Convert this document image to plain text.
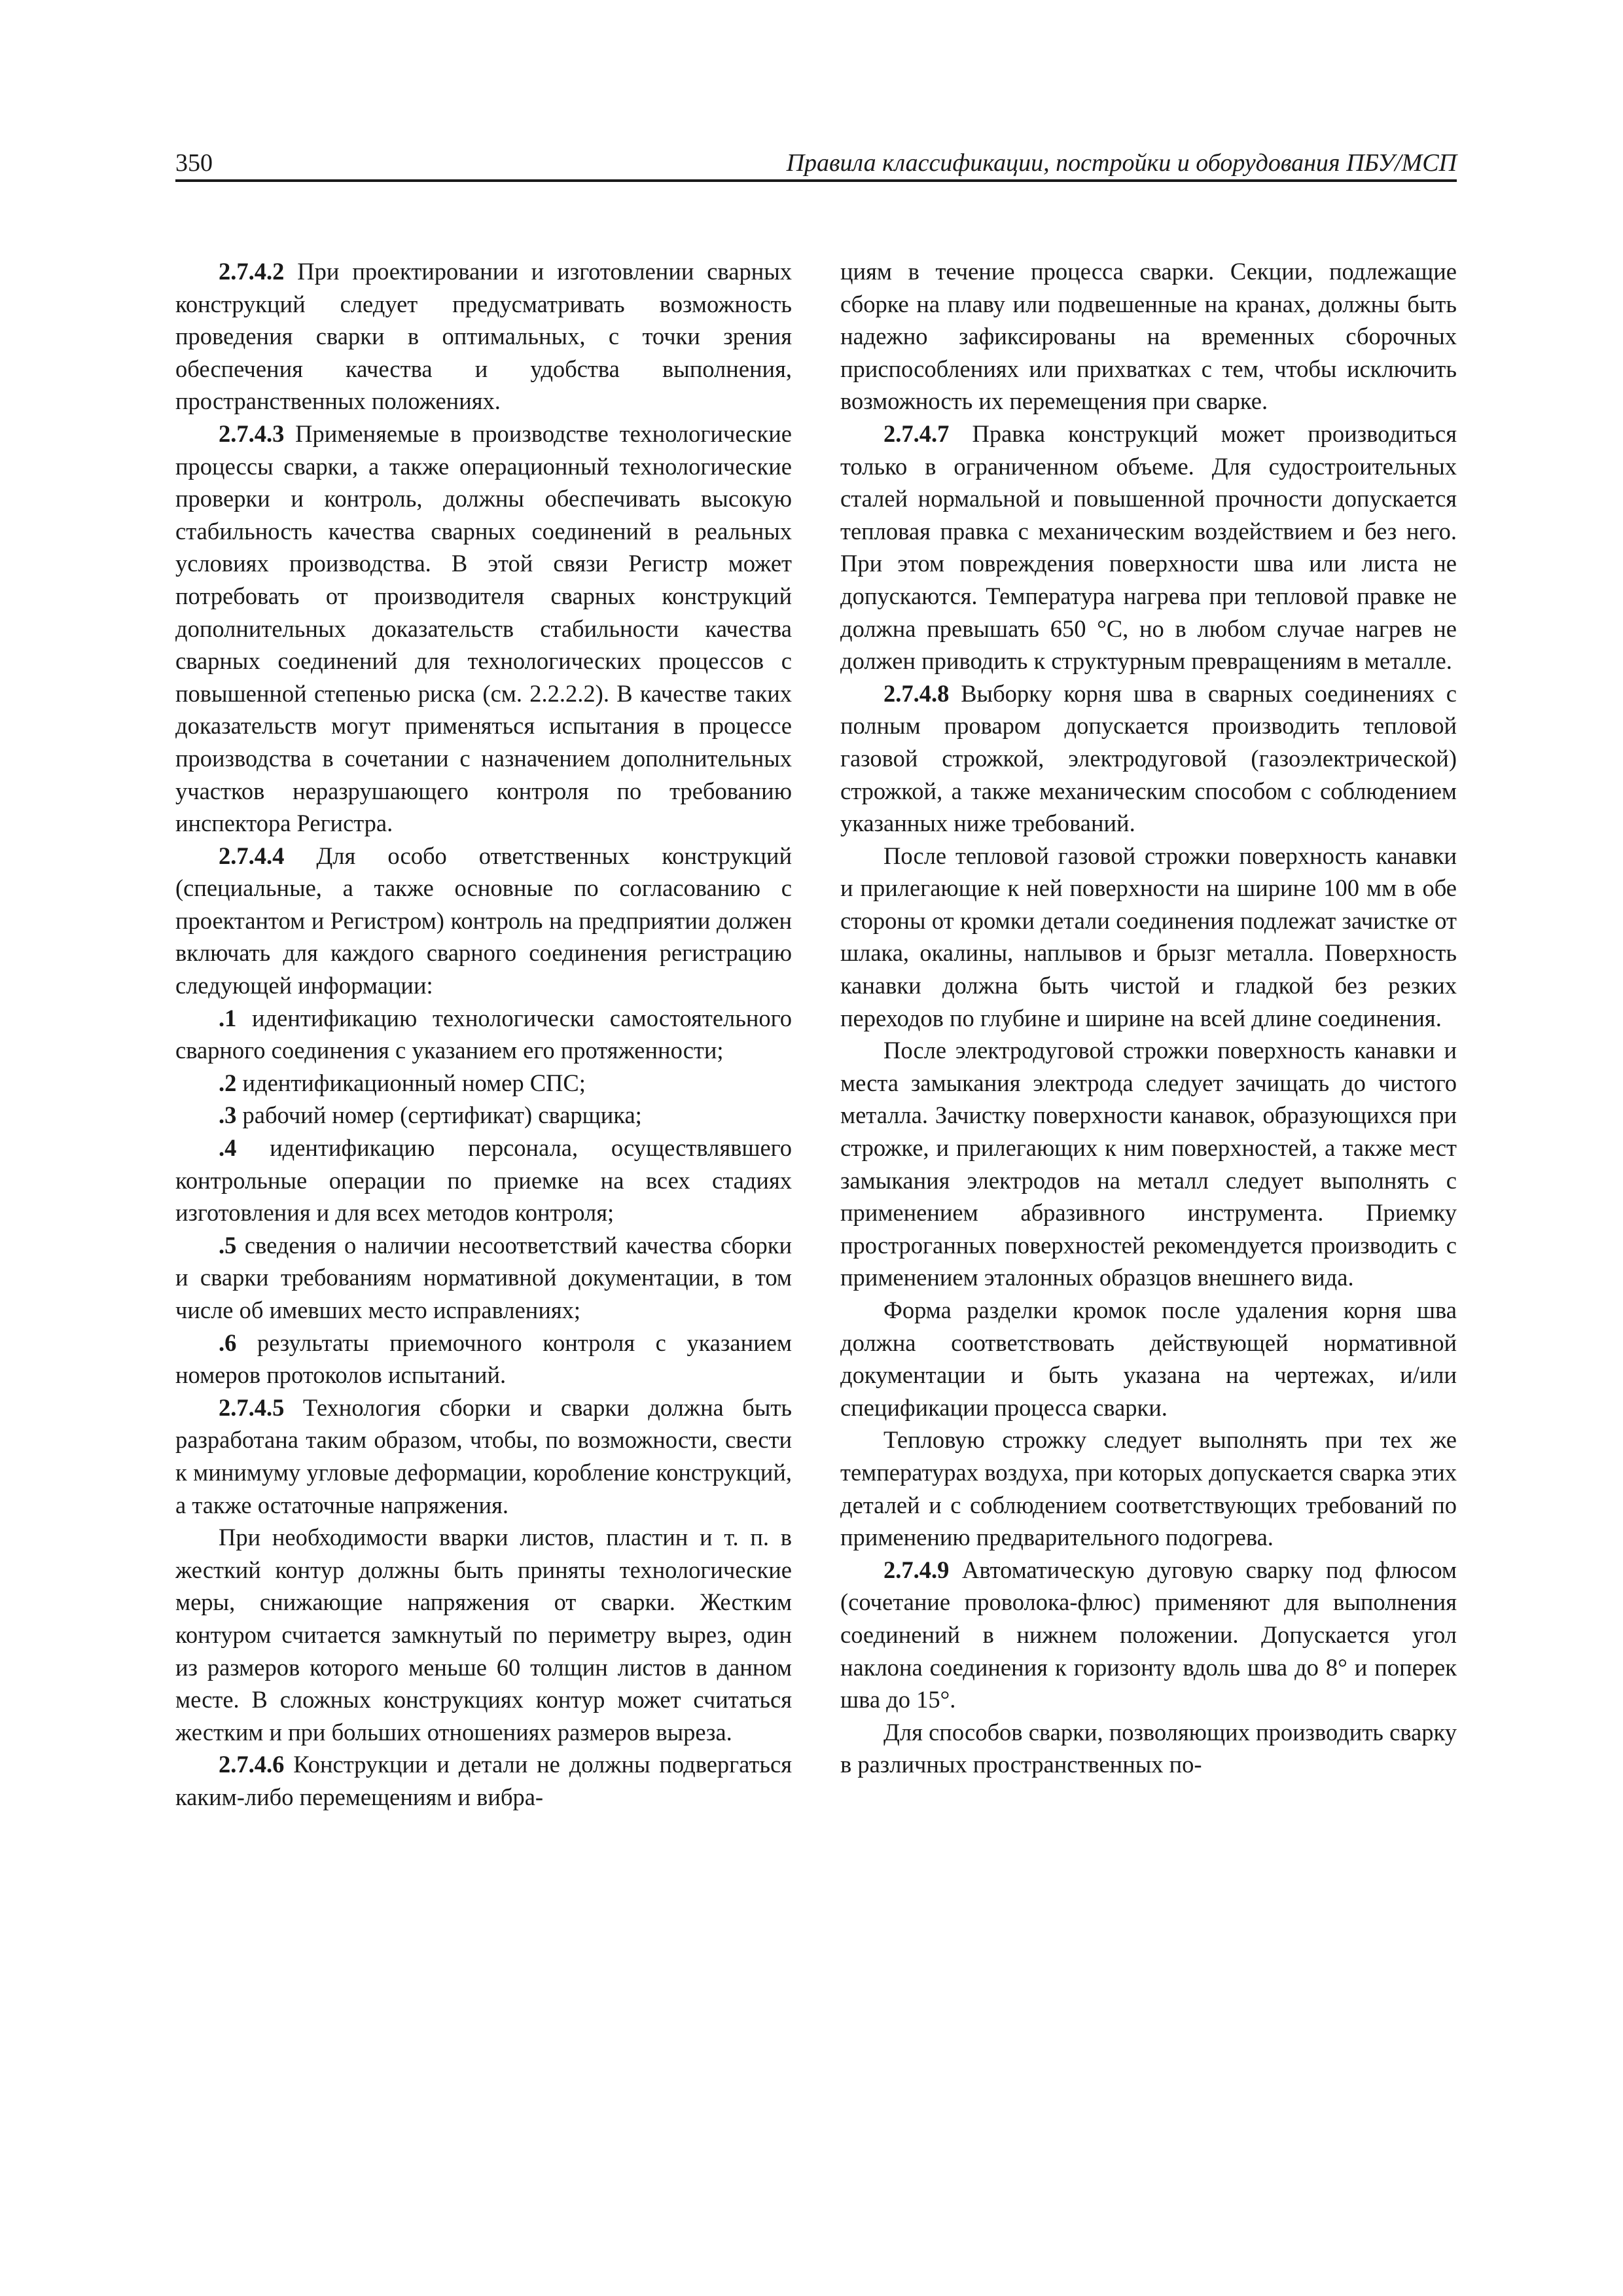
350	Правила классификации, постройки и оборудования ПБУ/МСП

2.7.4.2 При проектировании и изготовлении сварных конструкций следует предусматривать возможность проведения сварки в оптимальных, с точки зрения обеспечения качества и удобства выполнения, пространственных положениях.

2.7.4.3 Применяемые в производстве технологические процессы сварки, а также операционный технологические проверки и контроль, должны обеспечивать высокую стабильность качества сварных соединений в реальных условиях производства. В этой связи Регистр может потребовать от производителя сварных конструкций дополнительных доказательств стабильности качества сварных соединений для технологических процессов с повышенной степенью риска (см. 2.2.2.2). В качестве таких доказательств могут применяться испытания в процессе производства в сочетании с назначением дополнительных участков неразрушающего контроля по требованию инспектора Регистра.

2.7.4.4 Для особо ответственных конструкций (специальные, а также основные по согласованию с проектантом и Регистром) контроль на предприятии должен включать для каждого сварного соединения регистрацию следующей информации:

.1 идентификацию технологически самостоятельного сварного соединения с указанием его протяженности;

.2 идентификационный номер СПС;

.3 рабочий номер (сертификат) сварщика;

.4 идентификацию персонала, осуществлявшего контрольные операции по приемке на всех стадиях изготовления и для всех методов контроля;

.5 сведения о наличии несоответствий качества сборки и сварки требованиям нормативной документации, в том числе об имевших место исправлениях;

.6 результаты приемочного контроля с указанием номеров протоколов испытаний.

2.7.4.5 Технология сборки и сварки должна быть разработана таким образом, чтобы, по возможности, свести к минимуму угловые деформации, коробление конструкций, а также остаточные напряжения.

При необходимости вварки листов, пластин и т. п. в жесткий контур должны быть приняты технологические меры, снижающие напряжения от сварки. Жестким контуром считается замкнутый по периметру вырез, один из размеров которого меньше 60 толщин листов в данном месте. В сложных конструкциях контур может считаться жестким и при больших отношениях размеров выреза.

2.7.4.6 Конструкции и детали не должны подвергаться каким-либо перемещениям и вибра-

циям в течение процесса сварки. Секции, подлежащие сборке на плаву или подвешенные на кранах, должны быть надежно зафиксированы на временных сборочных приспособлениях или прихватках с тем, чтобы исключить возможность их перемещения при сварке.

2.7.4.7 Правка конструкций может производиться только в ограниченном объеме. Для судостроительных сталей нормальной и повышенной прочности допускается тепловая правка с механическим воздействием и без него. При этом повреждения поверхности шва или листа не допускаются. Температура нагрева при тепловой правке не должна превышать 650 °С, но в любом случае нагрев не должен приводить к структурным превращениям в металле.

2.7.4.8 Выборку корня шва в сварных соединениях с полным проваром допускается производить тепловой газовой строжкой, электродуговой (газоэлектрической) строжкой, а также механическим способом с соблюдением указанных ниже требований.

После тепловой газовой строжки поверхность канавки и прилегающие к ней поверхности на ширине 100 мм в обе стороны от кромки детали соединения подлежат зачистке от шлака, окалины, наплывов и брызг металла. Поверхность канавки должна быть чистой и гладкой без резких переходов по глубине и ширине на всей длине соединения.

После электродуговой строжки поверхность канавки и места замыкания электрода следует зачищать до чистого металла. Зачистку поверхности канавок, образующихся при строжке, и прилегающих к ним поверхностей, а также мест замыкания электродов на металл следует выполнять с применением абразивного инструмента. Приемку прострoганных поверхностей рекомендуется производить с применением эталонных образцов внешнего вида.

Форма разделки кромок после удаления корня шва должна соответствовать действующей нормативной документации и быть указана на чертежах, и/или спецификации процесса сварки.

Тепловую строжку следует выполнять при тех же температурах воздуха, при которых допускается сварка этих деталей и с соблюдением соответствующих требований по применению предварительного подогрева.

2.7.4.9 Автоматическую дуговую сварку под флюсом (сочетание проволока-флюс) применяют для выполнения соединений в нижнем положении. Допускается угол наклона соединения к горизонту вдоль шва до 8° и поперек шва до 15°.

Для способов сварки, позволяющих производить сварку в различных пространственных по-
